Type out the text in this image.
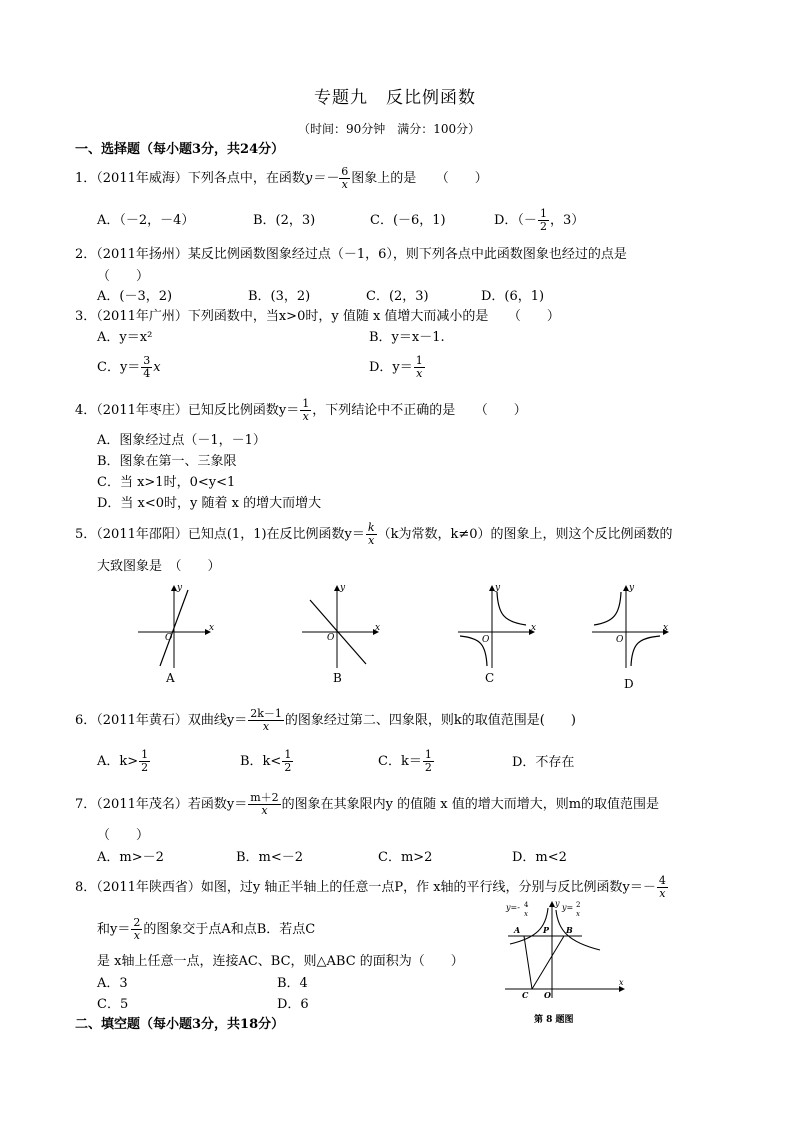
专题九　反比例函数
（时间：90分钟　满分：100分）
一、选择题（每小题3分，共24分）
1．（2011年威海）下列各点中，在函数 $y=- \frac{6}{x}$ 图象上的是　　（　　）
A．（－2，－4）	B．(2，3)	C．(－6，1)	D．（－ $\frac{1}{2}$ ，3）
2．（2011年扬州）某反比例函数图象经过点（－1，6），则下列各点中此函数图象也经过的点是
（　　）
A．(－3，2)	B．(3，2)	C．(2，3)	D．(6，1)
3．（2011年广州）下列函数中，当x>0时，y 值随 x 值增大而减小的是　　（　　）
A．y＝x²	B．y＝x－1.
C．$y= \frac{3}{4}$ x	D．$y= \frac{1}{x}$
4．（2011年枣庄）已知反比例函数$y= \frac{1}{x}$ ，下列结论中不正确的是　　（　　）
A．图象经过点（－1，－1）
B．图象在第一、三象限
C．当 x>1时，0<y<1
D．当 x<0时，y 随着 x 的增大而增大
5．（2011年邵阳）已知点(1，1)在反比例函数$y= \frac{k}{x} (k$为常数，k≠0）的图象上，则这个反比例函数的
大致图象是　（　　）
y
x
O
A
y
x
O
B
y
x
O
C
y
x
O
D
6．（2011年黄石）双曲线$y= \frac{2k-1}{x}$ 的图象经过第二、四象限，则k的取值范围是(　　)
A．$k> \frac{1}{2}$	B．$k< \frac{1}{2}$	C．$k= \frac{1}{2}$	D．不存在
7．（2011年茂名）若函数$y= \frac{m+2}{x}$ 的图象在其象限内y 的值随 x 值的增大而增大，则m的取值范围是
（　　）
A．m>－2	B．m<－2	C．m>2	D．m<2
8．（2011年陕西省）如图，过y 轴正半轴上的任意一点P，作 x轴的平行线，分别与反比例函数$y=- \frac{4}{x}$
和$y= \frac{2}{x}$ 的图象交于点A和点B．若点C
是 x轴上任意一点，连接AC、BC，则△ABC 的面积为（　　）
A．3	B．4
C．5	D．6
y=- 4
x
y= 2
x
A	P B
C O
x
y
第 8 题图
二、填空题（每小题3分，共18分）
